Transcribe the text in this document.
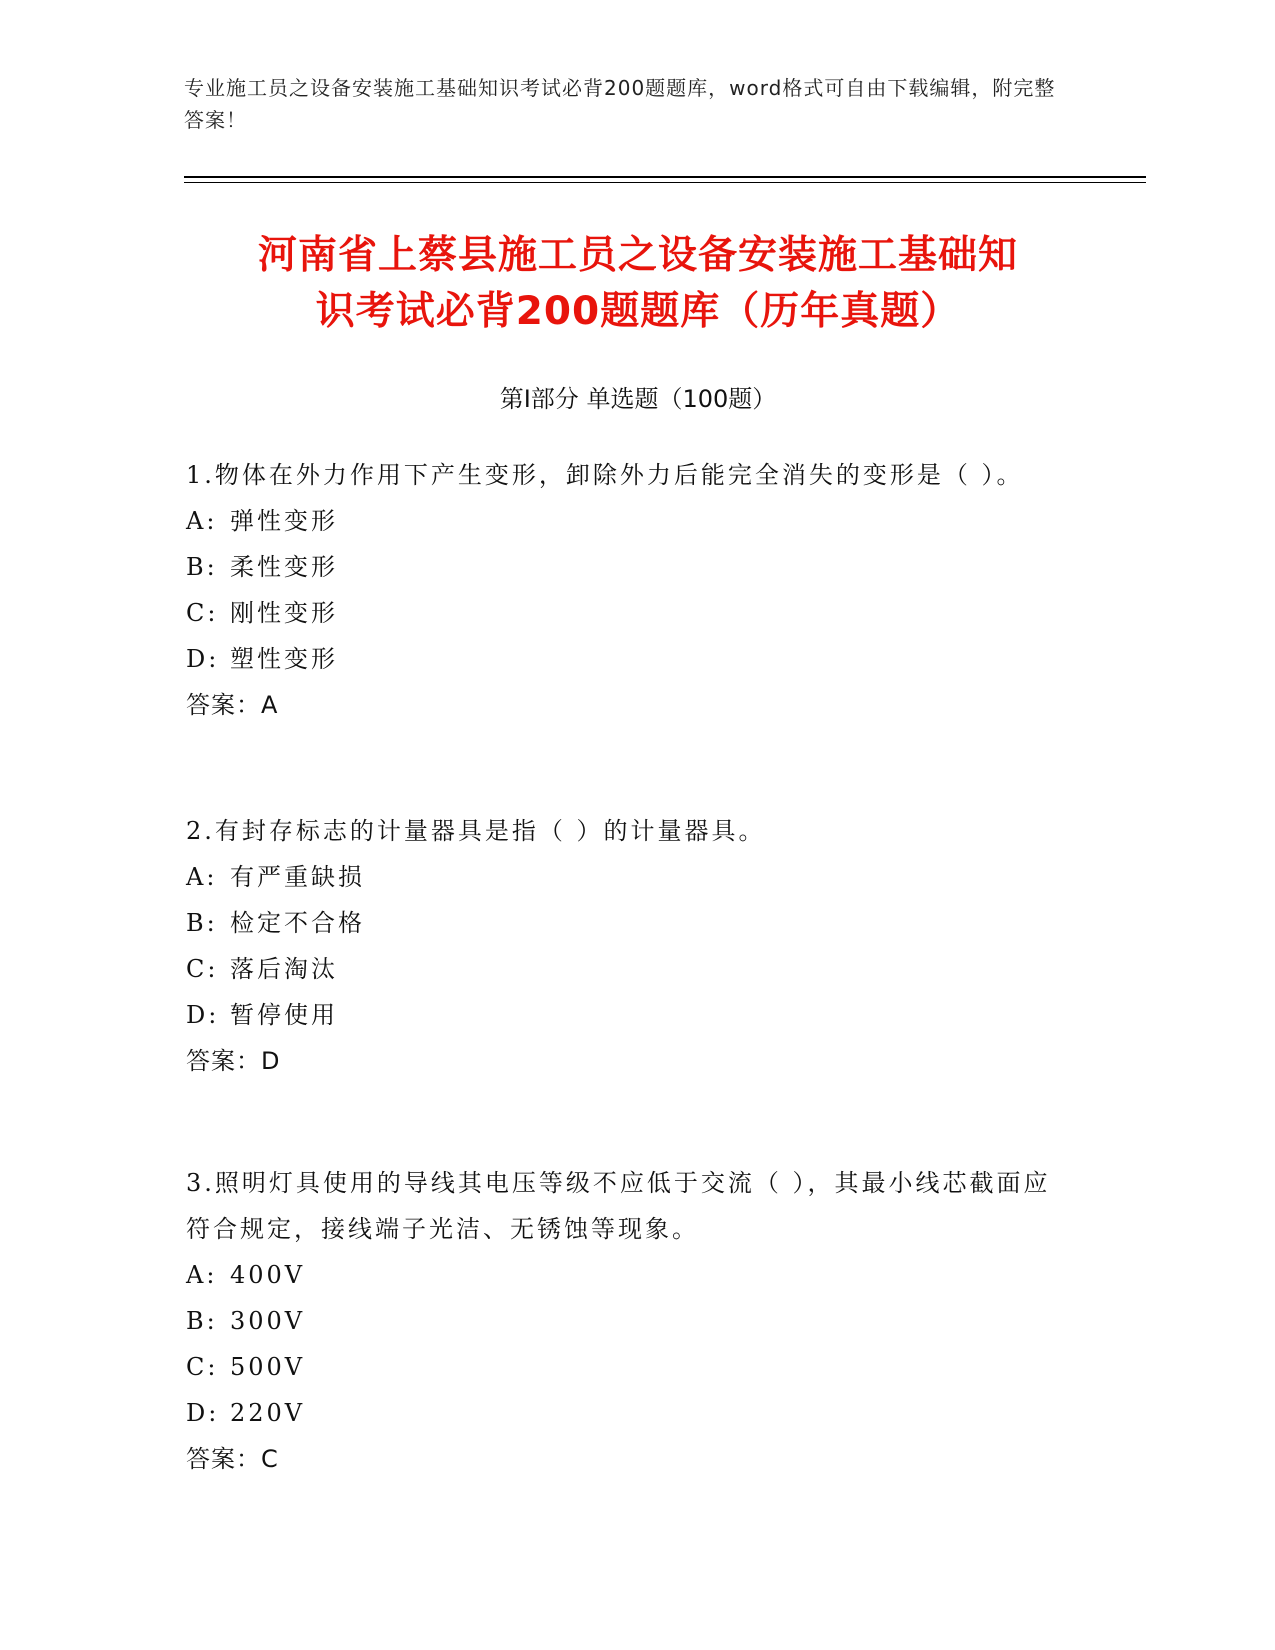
专业施工员之设备安装施工基础知识考试必背200题题库，word格式可自由下载编辑，附完整答案！
河南省上蔡县施工员之设备安装施工基础知
识考试必背200题题库（历年真题）
第I部分 单选题（100题）

1.物体在外力作用下产生变形，卸除外力后能完全消失的变形是（ ）。

A: 弹性变形

B: 柔性变形

C: 刚性变形

D: 塑性变形

答案：A

2.有封存标志的计量器具是指（ ）的计量器具。

A: 有严重缺损

B: 检定不合格

C: 落后淘汰

D: 暂停使用

答案：D

3.照明灯具使用的导线其电压等级不应低于交流（ ），其最小线芯截面应符合规定，接线端子光洁、无锈蚀等现象。

A: 400V

B: 300V

C: 500V

D: 220V

答案：C
